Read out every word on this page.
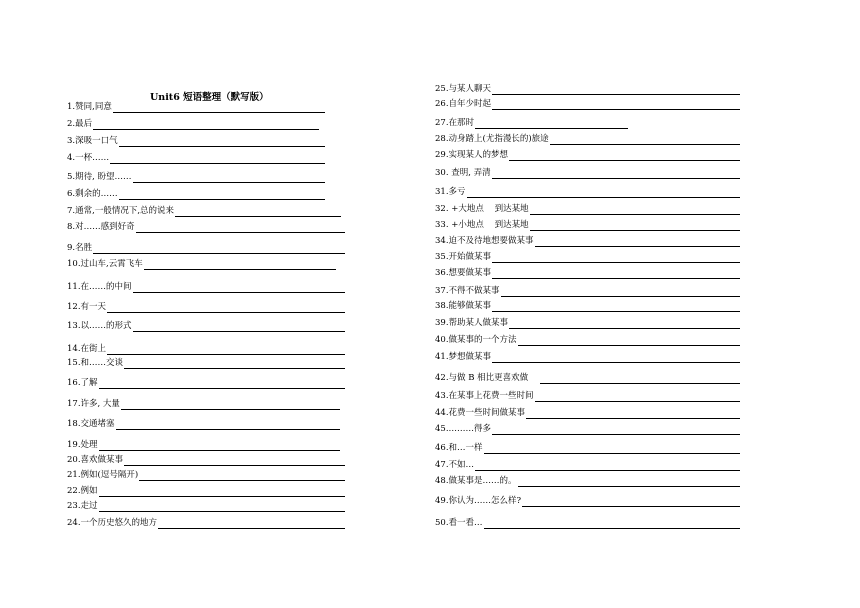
Unit6 短语整理（默写版）
1. 赞同,同意
2. 最后
3. 深吸一口气
4. 一杯……
5. 期待, 盼望……
6. 剩余的……
7. 通常,一般情况下,总的说来
8. 对……感到好奇
9. 名胜
10. 过山车,云霄飞车
11. 在……的中间
12. 有一天
13. 以……的形式
14. 在街上
15. 和……交谈
16. 了解
17. 许多, 大量
18. 交通堵塞
19. 处理
20. 喜欢做某事
21. 例如(逗号隔开)
22. 例如
23. 走过
24. 一个历史悠久的地方
25. 与某人聊天
26. 自年少时起
27. 在那时
28. 动身踏上(尤指漫长的)旅途
29. 实现某人的梦想
30. 查明, 弄清
31. 多亏
32. +大地点    到达某地
33. +小地点    到达某地
34. 迫不及待地想要做某事
35. 开始做某事
36. 想要做某事
37. 不得不做某事
38. 能够做某事
39. 帮助某人做某事
40. 做某事的一个方法
41. 梦想做某事
42. 与做 B 相比更喜欢做
43. 在某事上花费一些时间
44. 花费一些时间做某事
45. ………得多
46. 和…一样
47. 不如…
48. 做某事是……的。
49. 你认为……怎么样?
50. 看一看…
